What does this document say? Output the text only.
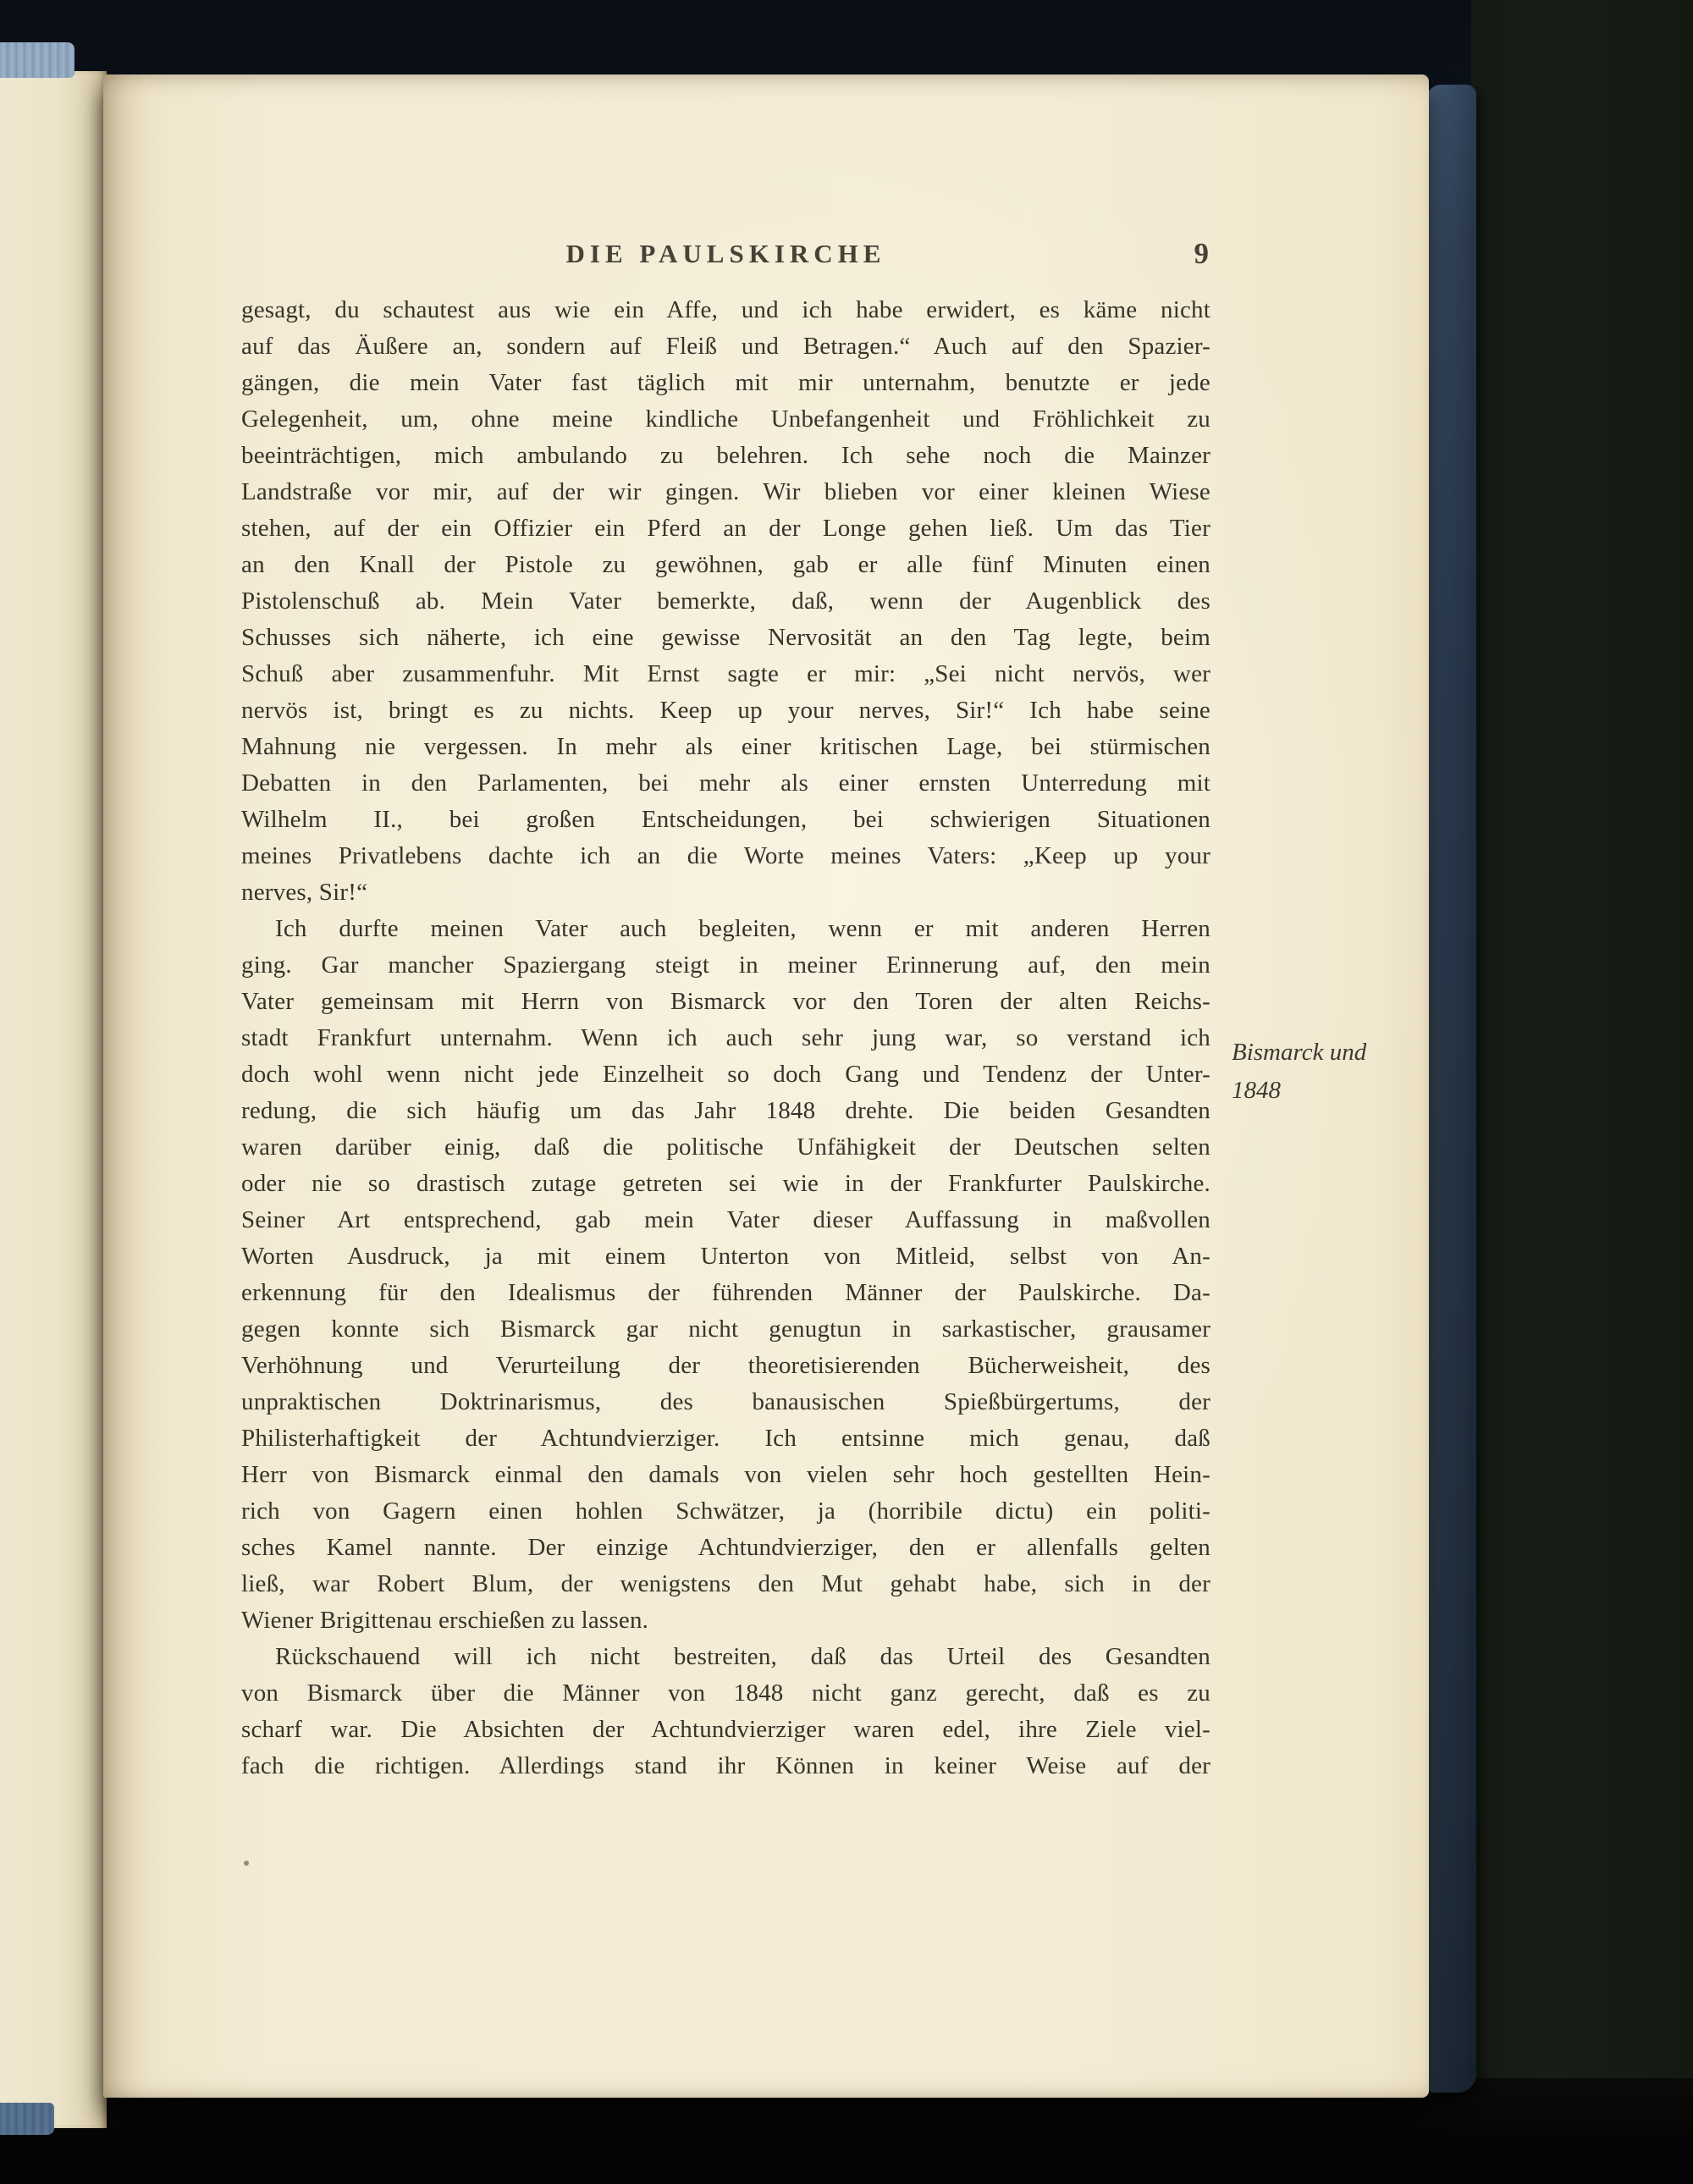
DIE PAULSKIRCHE	9
gesagt, du schautest aus wie ein Affe, und ich habe erwidert, es käme nicht
auf das Äußere an, sondern auf Fleiß und Betragen.“ Auch auf den Spazier-
gängen, die mein Vater fast täglich mit mir unternahm, benutzte er jede
Gelegenheit, um, ohne meine kindliche Unbefangenheit und Fröhlichkeit zu
beeinträchtigen, mich ambulando zu belehren. Ich sehe noch die Mainzer
Landstraße vor mir, auf der wir gingen. Wir blieben vor einer kleinen Wiese
stehen, auf der ein Offizier ein Pferd an der Longe gehen ließ. Um das Tier
an den Knall der Pistole zu gewöhnen, gab er alle fünf Minuten einen
Pistolenschuß ab. Mein Vater bemerkte, daß, wenn der Augenblick des
Schusses sich näherte, ich eine gewisse Nervosität an den Tag legte, beim
Schuß aber zusammenfuhr. Mit Ernst sagte er mir: „Sei nicht nervös, wer
nervös ist, bringt es zu nichts. Keep up your nerves, Sir!“ Ich habe seine
Mahnung nie vergessen. In mehr als einer kritischen Lage, bei stürmischen
Debatten in den Parlamenten, bei mehr als einer ernsten Unterredung mit
Wilhelm II., bei großen Entscheidungen, bei schwierigen Situationen
meines Privatlebens dachte ich an die Worte meines Vaters: „Keep up your
nerves, Sir!“
Ich durfte meinen Vater auch begleiten, wenn er mit anderen Herren
ging. Gar mancher Spaziergang steigt in meiner Erinnerung auf, den mein
Vater gemeinsam mit Herrn von Bismarck vor den Toren der alten Reichs-
stadt Frankfurt unternahm. Wenn ich auch sehr jung war, so verstand ich
doch wohl wenn nicht jede Einzelheit so doch Gang und Tendenz der Unter-
redung, die sich häufig um das Jahr 1848 drehte. Die beiden Gesandten
waren darüber einig, daß die politische Unfähigkeit der Deutschen selten
oder nie so drastisch zutage getreten sei wie in der Frankfurter Paulskirche.
Seiner Art entsprechend, gab mein Vater dieser Auffassung in maßvollen
Worten Ausdruck, ja mit einem Unterton von Mitleid, selbst von An-
erkennung für den Idealismus der führenden Männer der Paulskirche. Da-
gegen konnte sich Bismarck gar nicht genugtun in sarkastischer, grausamer
Verhöhnung und Verurteilung der theoretisierenden Bücherweisheit, des
unpraktischen Doktrinarismus, des banausischen Spießbürgertums, der
Philisterhaftigkeit der Achtundvierziger. Ich entsinne mich genau, daß
Herr von Bismarck einmal den damals von vielen sehr hoch gestellten Hein-
rich von Gagern einen hohlen Schwätzer, ja (horribile dictu) ein politi-
sches Kamel nannte. Der einzige Achtundvierziger, den er allenfalls gelten
ließ, war Robert Blum, der wenigstens den Mut gehabt habe, sich in der
Wiener Brigittenau erschießen zu lassen.
Rückschauend will ich nicht bestreiten, daß das Urteil des Gesandten
von Bismarck über die Männer von 1848 nicht ganz gerecht, daß es zu
scharf war. Die Absichten der Achtundvierziger waren edel, ihre Ziele viel-
fach die richtigen. Allerdings stand ihr Können in keiner Weise auf der
Bismarck und
1848
